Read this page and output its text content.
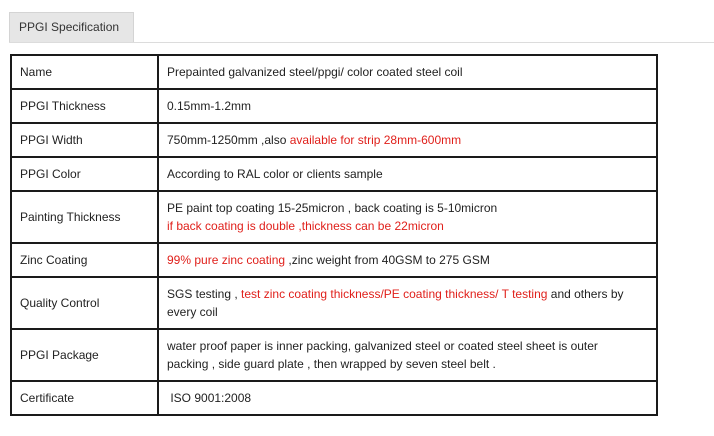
PPGI Specification
Name	Prepainted galvanized steel/ppgi/ color coated steel coil
PPGI Thickness	0.15mm-1.2mm
PPGI Width	750mm-1250mm ,also available for strip 28mm-600mm
PPGI Color	According to RAL color or clients sample
Painting Thickness	PE paint top coating 15-25micron , back coating is 5-10micron
if back coating is double ,thickness can be 22micron

Zinc Coating	99% pure zinc coating ,zinc weight from 40GSM to 275 GSM
Quality Control	SGS testing , test zinc coating thickness/PE coating thickness/ T testing and others by every coil
PPGI Package	water proof paper is inner packing, galvanized steel or coated steel sheet is outer packing , side guard plate , then wrapped by seven steel belt .
Certificate	ISO 9001:2008
